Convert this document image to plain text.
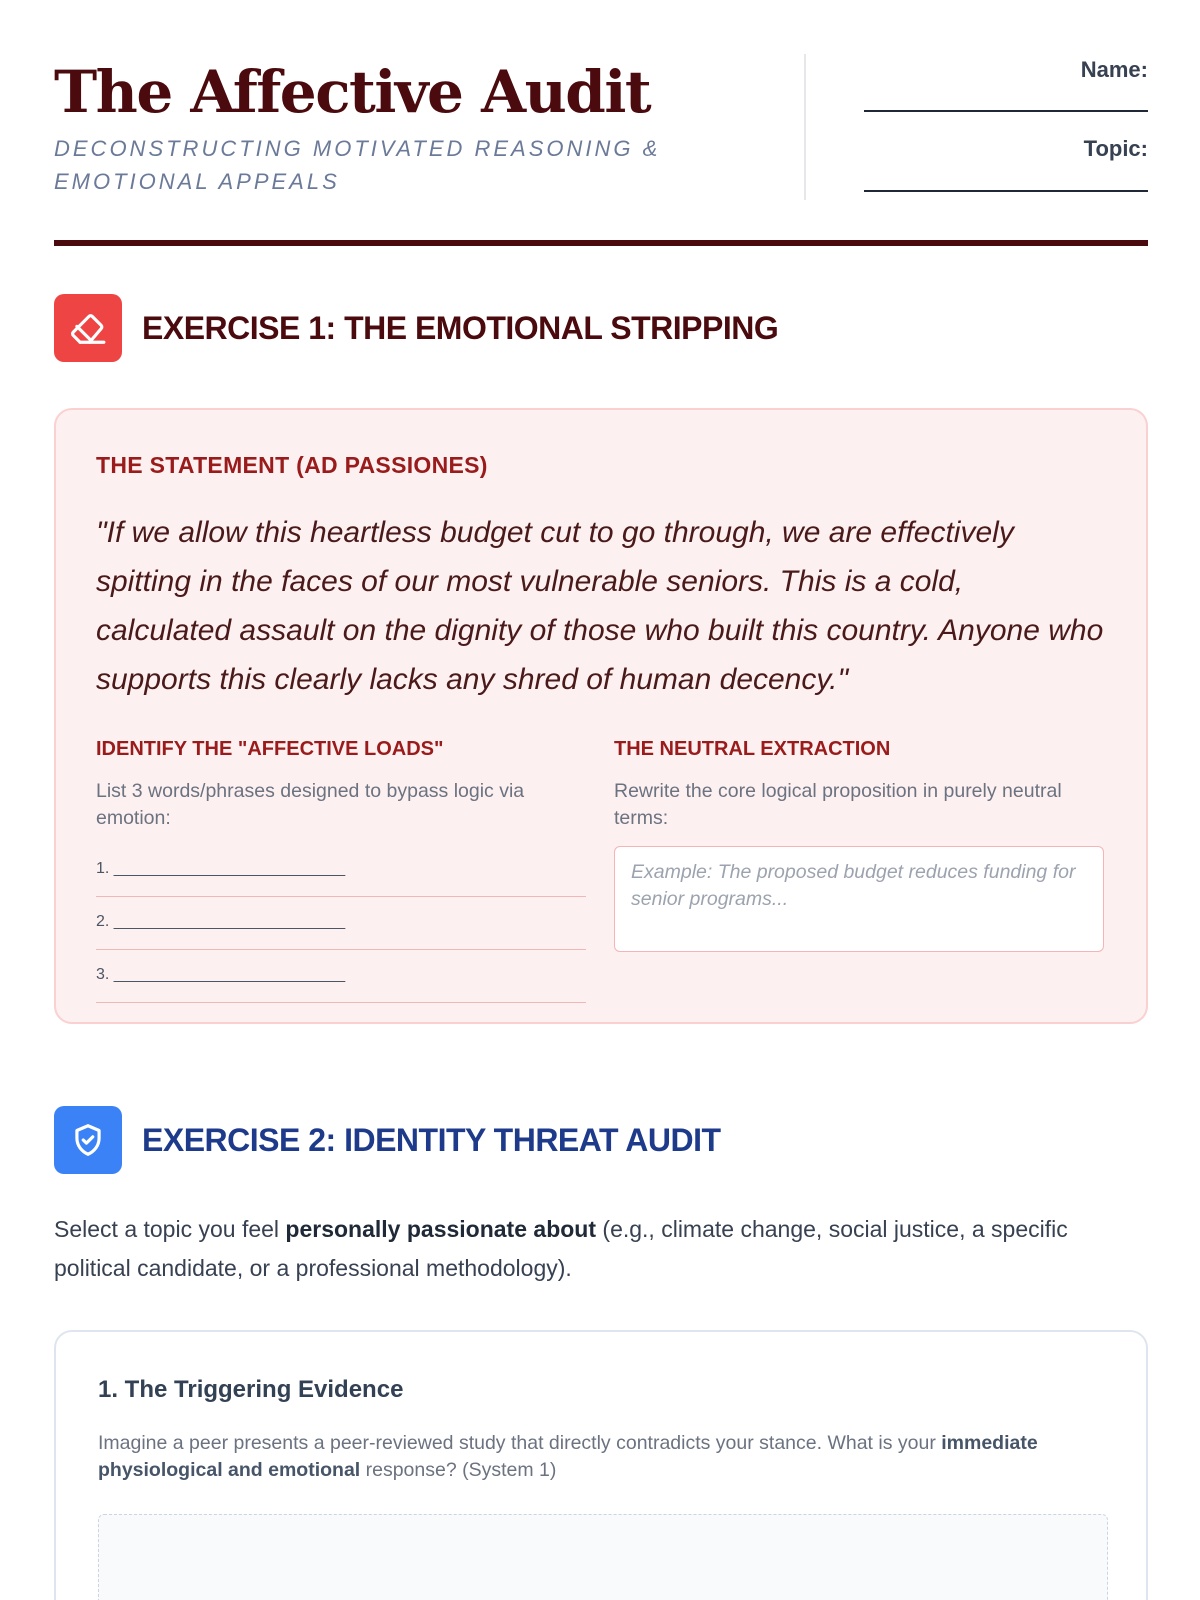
The Affective Audit
DECONSTRUCTING MOTIVATED REASONING & EMOTIONAL APPEALS
Name:
Topic:
EXERCISE 1: THE EMOTIONAL STRIPPING
THE STATEMENT (AD PASSIONES)
"If we allow this heartless budget cut to go through, we are effectively spitting in the faces of our most vulnerable seniors. This is a cold, calculated assault on the dignity of those who built this country. Anyone who supports this clearly lacks any shred of human decency."
IDENTIFY THE "AFFECTIVE LOADS"
List 3 words/phrases designed to bypass logic via emotion:
1. __________________________
2. __________________________
3. __________________________
THE NEUTRAL EXTRACTION
Rewrite the core logical proposition in purely neutral terms:
Example: The proposed budget reduces funding for senior programs...
EXERCISE 2: IDENTITY THREAT AUDIT
Select a topic you feel personally passionate about (e.g., climate change, social justice, a specific political candidate, or a professional methodology).
1. The Triggering Evidence
Imagine a peer presents a peer-reviewed study that directly contradicts your stance. What is your immediate physiological and emotional response? (System 1)
